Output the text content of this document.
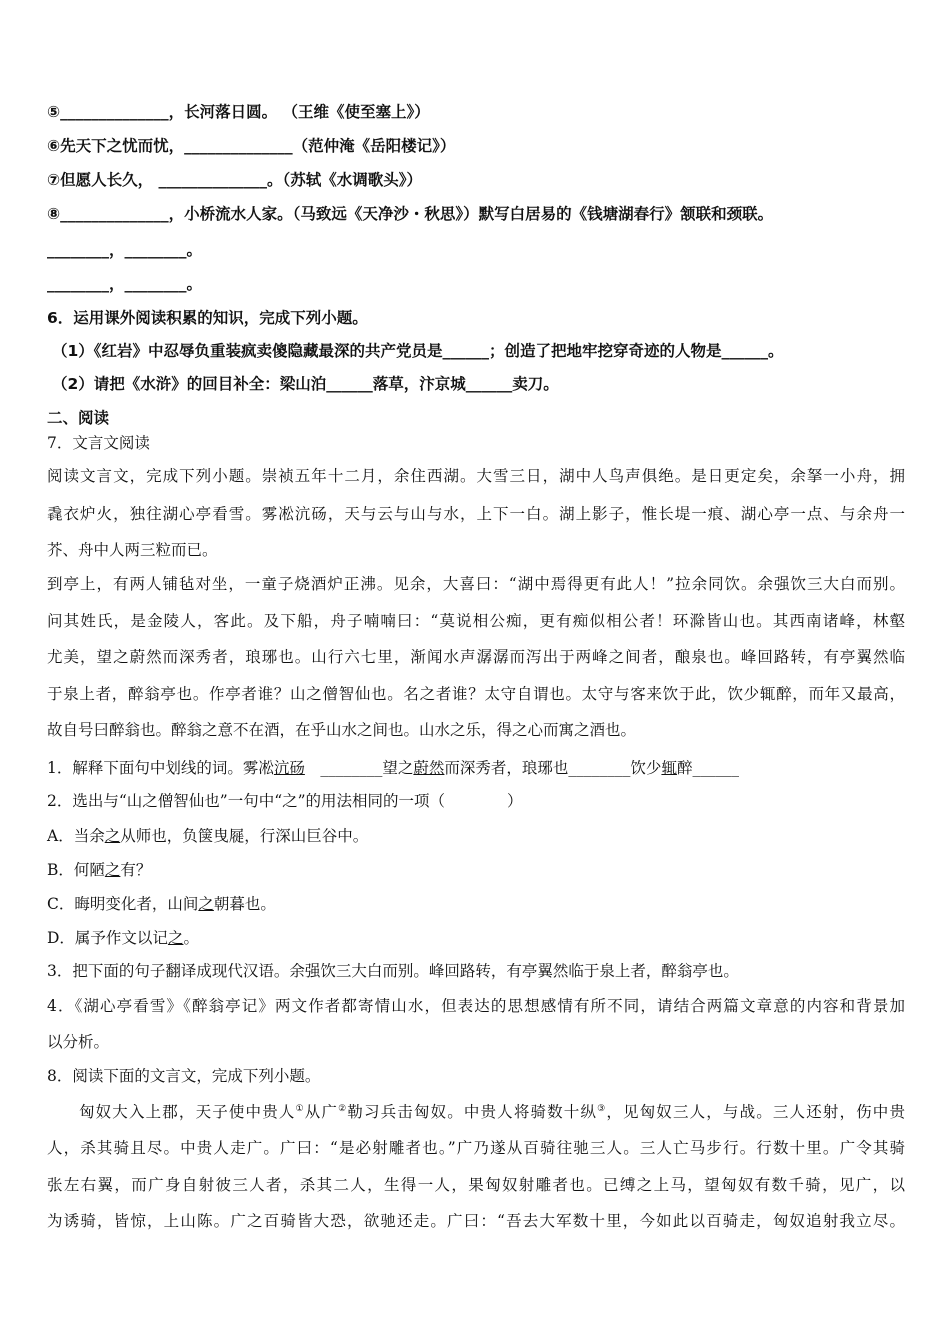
⑤______________，长河落日圆。 （王维《使至塞上》）
⑥先天下之忧而忧，______________（范仲淹《岳阳楼记》）
⑦但愿人长久， ______________。（苏轼《水调歌头》）
⑧______________，小桥流水人家。（马致远《天净沙・秋思》）默写白居易的《钱塘湖春行》颔联和颈联。
________，________。
________，________。
6．运用课外阅读积累的知识，完成下列小题。
（1）《红岩》中忍辱负重装疯卖傻隐藏最深的共产党员是______；创造了把地牢挖穿奇迹的人物是______。
（2）请把《水浒》的回目补全：梁山泊______落草，汴京城______卖刀。
二、阅读
7．文言文阅读
阅读文言文，完成下列小题。崇祯五年十二月，余住西湖。大雪三日，湖中人鸟声俱绝。是日更定矣，余拏一小舟，拥
毳衣炉火，独往湖心亭看雪。雾凇沆砀，天与云与山与水，上下一白。湖上影子，惟长堤一痕、湖心亭一点、与余舟一
芥、舟中人两三粒而已。
到亭上，有两人铺毡对坐，一童子烧酒炉正沸。见余，大喜曰：“湖中焉得更有此人！”拉余同饮。余强饮三大白而别。
问其姓氏，是金陵人，客此。及下船，舟子喃喃曰：“莫说相公痴，更有痴似相公者！环滁皆山也。其西南诸峰，林壑
尤美，望之蔚然而深秀者，琅琊也。山行六七里，渐闻水声潺潺而泻出于两峰之间者，酿泉也。峰回路转，有亭翼然临
于泉上者，醉翁亭也。作亭者谁？山之僧智仙也。名之者谁？太守自谓也。太守与客来饮于此，饮少辄醉，而年又最高，
故自号曰醉翁也。醉翁之意不在酒，在乎山水之间也。山水之乐，得之心而寓之酒也。
1．解释下面句中划线的词。雾凇沆砀　________望之蔚然而深秀者，琅琊也________饮少辄醉______
2．选出与“山之僧智仙也”一句中“之”的用法相同的一项（　　　　）
A．当余之从师也，负箧曳屣，行深山巨谷中。
B．何陋之有？
C．晦明变化者，山间之朝暮也。
D．属予作文以记之。
3．把下面的句子翻译成现代汉语。余强饮三大白而别。峰回路转，有亭翼然临于泉上者，醉翁亭也。
4．《湖心亭看雪》《醉翁亭记》两文作者都寄情山水，但表达的思想感情有所不同，请结合两篇文章意的内容和背景加
以分析。
8．阅读下面的文言文，完成下列小题。
匈奴大入上郡，天子使中贵人①从广②勒习兵击匈奴。中贵人将骑数十纵③，见匈奴三人，与战。三人还射，伤中贵
人，杀其骑且尽。中贵人走广。广曰：“是必射雕者也。”广乃遂从百骑往驰三人。三人亡马步行。行数十里。广令其骑
张左右翼，而广身自射彼三人者，杀其二人，生得一人，果匈奴射雕者也。已缚之上马，望匈奴有数千骑，见广，以
为诱骑，皆惊，上山陈。广之百骑皆大恐，欲驰还走。广曰：“吾去大军数十里，今如此以百骑走，匈奴追射我立尽。
